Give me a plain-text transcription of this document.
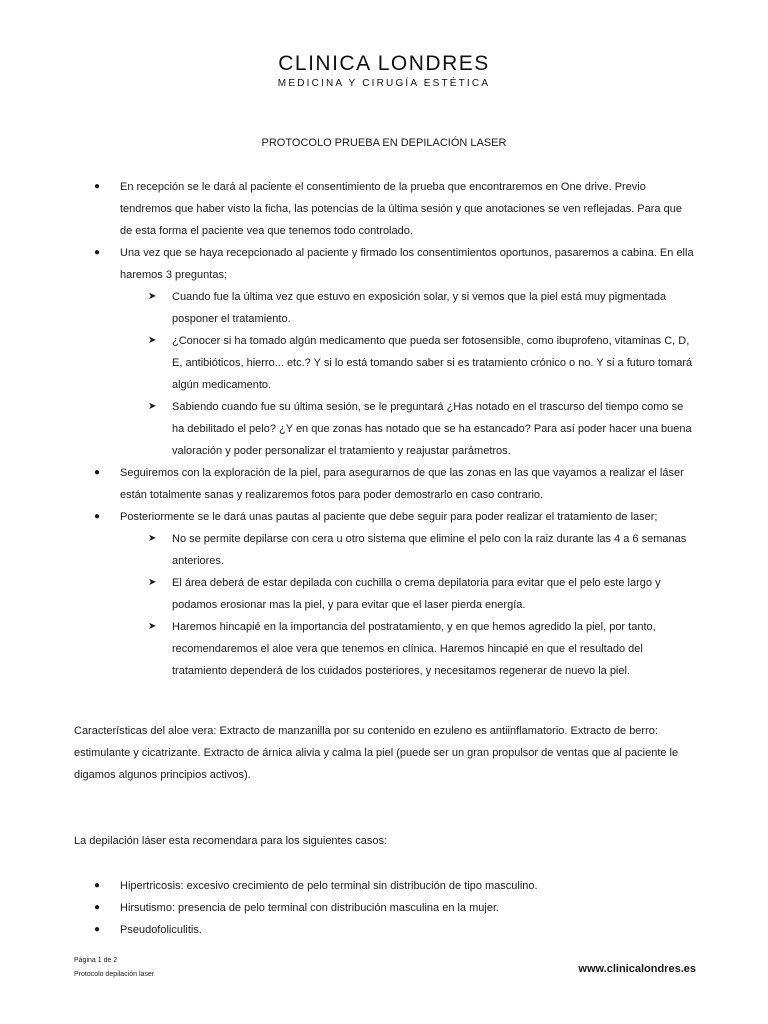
CLINICA LONDRES
MEDICINA Y CIRUGÍA ESTÉTICA
PROTOCOLO PRUEBA EN DEPILACIÓN LASER
● En recepción se le dará al paciente el consentimiento de la prueba que encontraremos en One drive. Previo tendremos que haber visto la ficha, las potencias de la última sesión y que anotaciones se ven reflejadas. Para que de esta forma el paciente vea que tenemos todo controlado.
● Una vez que se haya recepcionado al paciente y firmado los consentimientos oportunos, pasaremos a cabina. En ella haremos 3 preguntas;
➤ Cuando fue la última vez que estuvo en exposición solar, y si vemos que la piel está muy pigmentada posponer el tratamiento.
➤ ¿Conocer si ha tomado algún medicamento que pueda ser fotosensible, como ibuprofeno, vitaminas C, D, E, antibióticos, hierro... etc.? Y si lo está tomando saber si es tratamiento crónico o no. Y si a futuro tomará algún medicamento.
➤ Sabiendo cuando fue su última sesión, se le preguntará ¿Has notado en el trascurso del tiempo como se ha debilitado el pelo? ¿Y en que zonas has notado que se ha estancado? Para así poder hacer una buena valoración y poder personalizar el tratamiento y reajustar parámetros.
● Seguiremos con la exploración de la piel, para asegurarnos de que las zonas en las que vayamos a realizar el láser están totalmente sanas y realizaremos fotos para poder demostrarlo en caso contrario.
● Posteriormente se le dará unas pautas al paciente que debe seguir para poder realizar el tratamiento de laser;
➤ No se permite depilarse con cera u otro sistema que elimine el pelo con la raiz durante las 4 a 6 semanas anteriores.
➤ El área deberá de estar depilada con cuchilla o crema depilatoria para evitar que el pelo este largo y podamos erosionar mas la piel, y para evitar que el laser pierda energía.
➤ Haremos hincapié en la importancia del postratamiento, y en que hemos agredido la piel, por tanto, recomendaremos el aloe vera que tenemos en clínica. Haremos hincapié en que el resultado del tratamiento dependerá de los cuidados posteriores, y necesitamos regenerar de nuevo la piel.

Características del aloe vera: Extracto de manzanilla por su contenido en ezuleno es antiinflamatorio. Extracto de berro: estimulante y cicatrizante. Extracto de árnica alivia y calma la piel (puede ser un gran propulsor de ventas que al paciente le digamos algunos principios activos).

La depilación láser esta recomendara para los siguientes casos:

● Hipertricosis: excesivo crecimiento de pelo terminal sin distribución de tipo masculino.
● Hirsutismo: presencia de pelo terminal con distribución masculina en la mujer.
● Pseudofoliculitis.
Página 1 de 2
Protocolo depilación laser	www.clinicalondres.es
